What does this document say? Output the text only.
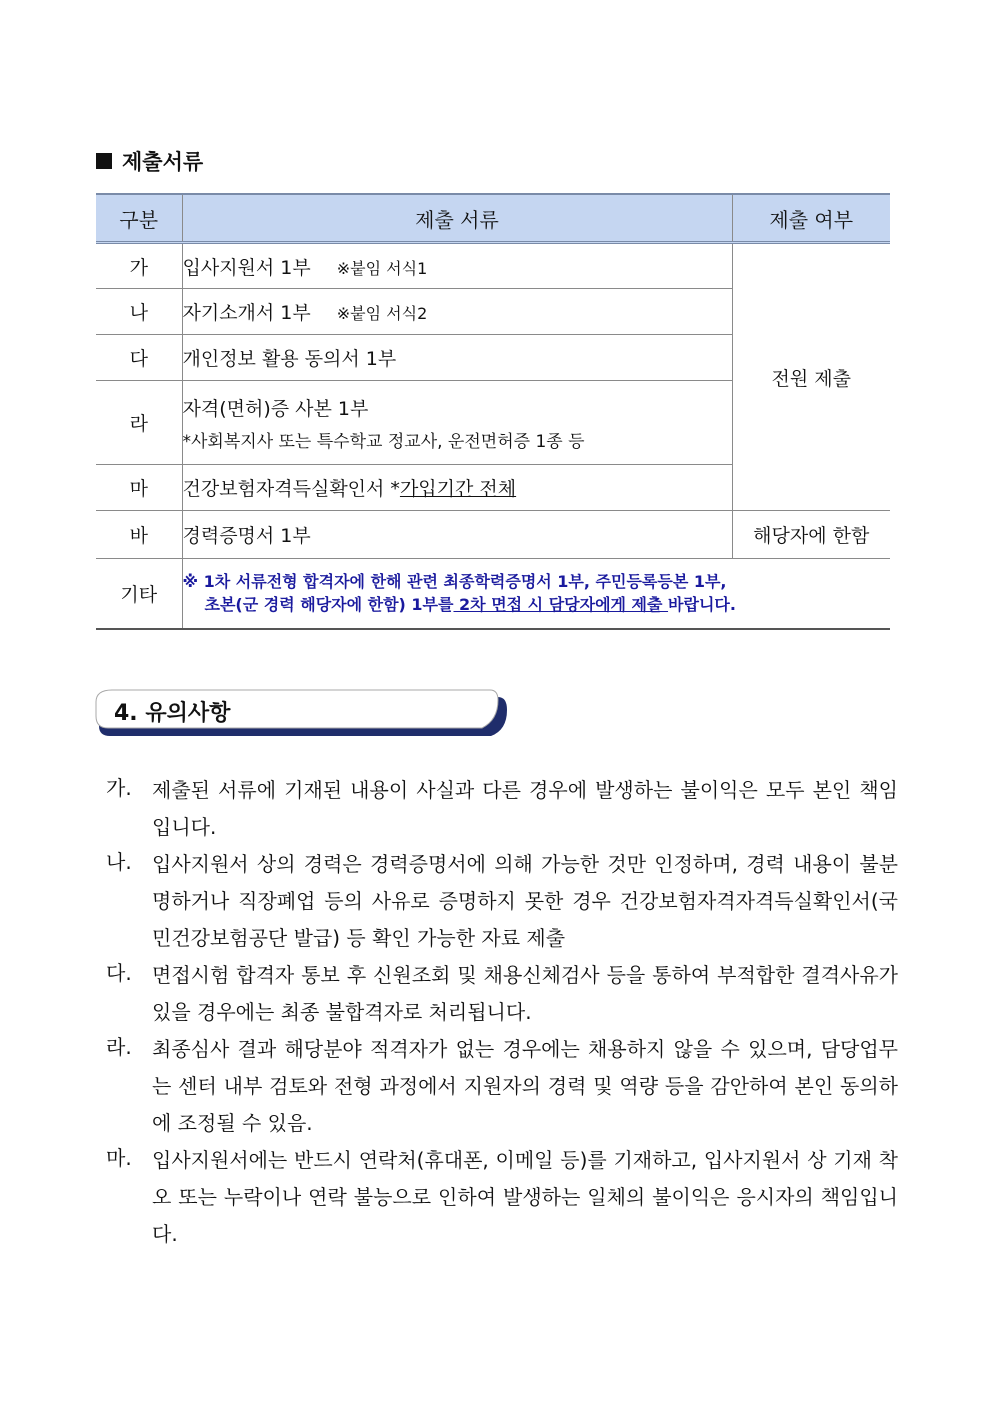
제출서류
구분	제출 서류	제출 여부
가	입사지원서 1부 ※붙임 서식1	전원 제출
나	자기소개서 1부 ※붙임 서식2	
다	개인정보 활용 동의서 1부	
라	자격(면허)증 사본 1부
*사회복지사 또는 특수학교 정교사, 운전면허증 1종 등	

마	건강보험자격득실확인서 *가입기간 전체	
바	경력증명서 1부	해당자에 한함
기타	※ 1차 서류전형 합격자에 한해 관련 최종학력증명서 1부, 주민등록등본 1부,
초본(군 경력 해당자에 한함) 1부를 2차 면접 시 담당자에게 제출 바랍니다.	
4. 유의사항
가.	제출된 서류에 기재된 내용이 사실과 다른 경우에 발생하는 불이익은 모두 본인 책임입니다.
나.	입사지원서 상의 경력은 경력증명서에 의해 가능한 것만 인정하며, 경력 내용이 불분명하거나 직장폐업 등의 사유로 증명하지 못한 경우 건강보험자격자격득실확인서(국민건강보험공단 발급) 등 확인 가능한 자료 제출
다.	면접시험 합격자 통보 후 신원조회 및 채용신체검사 등을 통하여 부적합한 결격사유가 있을 경우에는 최종 불합격자로 처리됩니다.
라.	최종심사 결과 해당분야 적격자가 없는 경우에는 채용하지 않을 수 있으며, 담당업무는 센터 내부 검토와 전형 과정에서 지원자의 경력 및 역량 등을 감안하여 본인 동의하에 조정될 수 있음.
마.	입사지원서에는 반드시 연락처(휴대폰, 이메일 등)를 기재하고, 입사지원서 상 기재 착오 또는 누락이나 연락 불능으로 인하여 발생하는 일체의 불이익은 응시자의 책임입니다.
